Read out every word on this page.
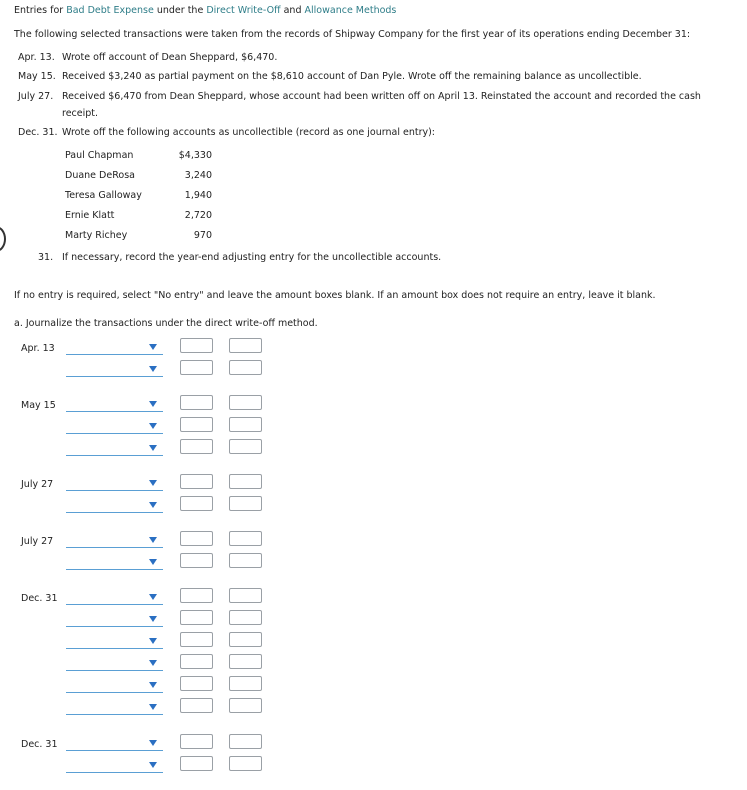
Entries for Bad Debt Expense under the Direct Write-Off and Allowance Methods
The following selected transactions were taken from the records of Shipway Company for the first year of its operations ending December 31:
Apr. 13. Wrote off account of Dean Sheppard, $6,470.
May 15. Received $3,240 as partial payment on the $8,610 account of Dan Pyle. Wrote off the remaining balance as uncollectible.
July 27. Received $6,470 from Dean Sheppard, whose account had been written off on April 13. Reinstated the account and recorded the cash
receipt.
Dec. 31. Wrote off the following accounts as uncollectible (record as one journal entry):
Paul Chapman	$4,330
Duane DeRosa	3,240
Teresa Galloway	1,940
Ernie Klatt	2,720
Marty Richey	970
31. If necessary, record the year-end adjusting entry for the uncollectible accounts.
If no entry is required, select "No entry" and leave the amount boxes blank. If an amount box does not require an entry, leave it blank.
a. Journalize the transactions under the direct write-off method.
Apr. 13
May 15
July 27
July 27
Dec. 31
Dec. 31
